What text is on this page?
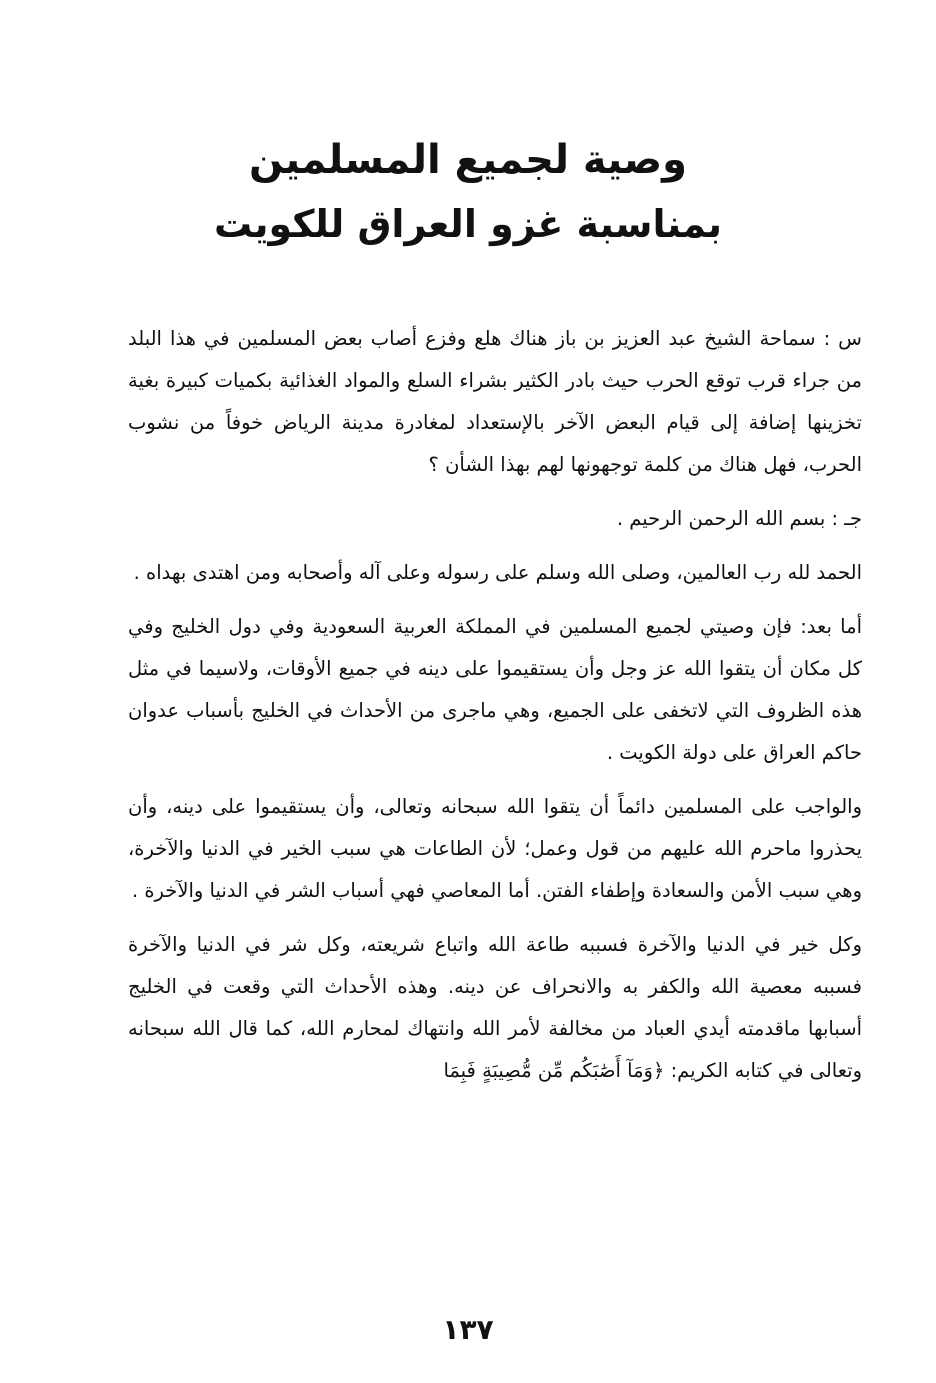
وصية لجميع المسلمين
بمناسبة غزو العراق للكويت

س : سماحة الشيخ عبد العزيز بن باز هناك هلع وفزع أصاب بعض المسلمين في هذا البلد من جراء قرب توقع الحرب حيث بادر الكثير بشراء السلع والمواد الغذائية بكميات كبيرة بغية تخزينها إضافة إلى قيام البعض الآخر بالإستعداد لمغادرة مدينة الرياض خوفاً من نشوب الحرب، فهل هناك من كلمة توجهونها لهم بهذا الشأن ؟

جـ : بسم الله الرحمن الرحيم .

الحمد لله رب العالمين، وصلى الله وسلم على رسوله وعلى آله وأصحابه ومن اهتدى بهداه .

أما بعد: فإن وصيتي لجميع المسلمين في المملكة العربية السعودية وفي دول الخليج وفي كل مكان أن يتقوا الله عز وجل وأن يستقيموا على دينه في جميع الأوقات، ولاسيما في مثل هذه الظروف التي لاتخفى على الجميع، وهي ماجرى من الأحداث في الخليج بأسباب عدوان حاكم العراق على دولة الكويت .

والواجب على المسلمين دائماً أن يتقوا الله سبحانه وتعالى، وأن يستقيموا على دينه، وأن يحذروا ماحرم الله عليهم من قول وعمل؛ لأن الطاعات هي سبب الخير في الدنيا والآخرة، وهي سبب الأمن والسعادة وإطفاء الفتن. أما المعاصي فهي أسباب الشر في الدنيا والآخرة .

وكل خير في الدنيا والآخرة فسببه طاعة الله واتباع شريعته، وكل شر في الدنيا والآخرة فسببه معصية الله والكفر به والانحراف عن دينه. وهذه الأحداث التي وقعت في الخليج أسبابها ماقدمته أيدي العباد من مخالفة لأمر الله وانتهاك لمحارم الله، كما قال الله سبحانه وتعالى في كتابه الكريم: ﴿وَمَآ أَصَٰبَكُم مِّن مُّصِيبَةٍ فَبِمَا

١٣٧
